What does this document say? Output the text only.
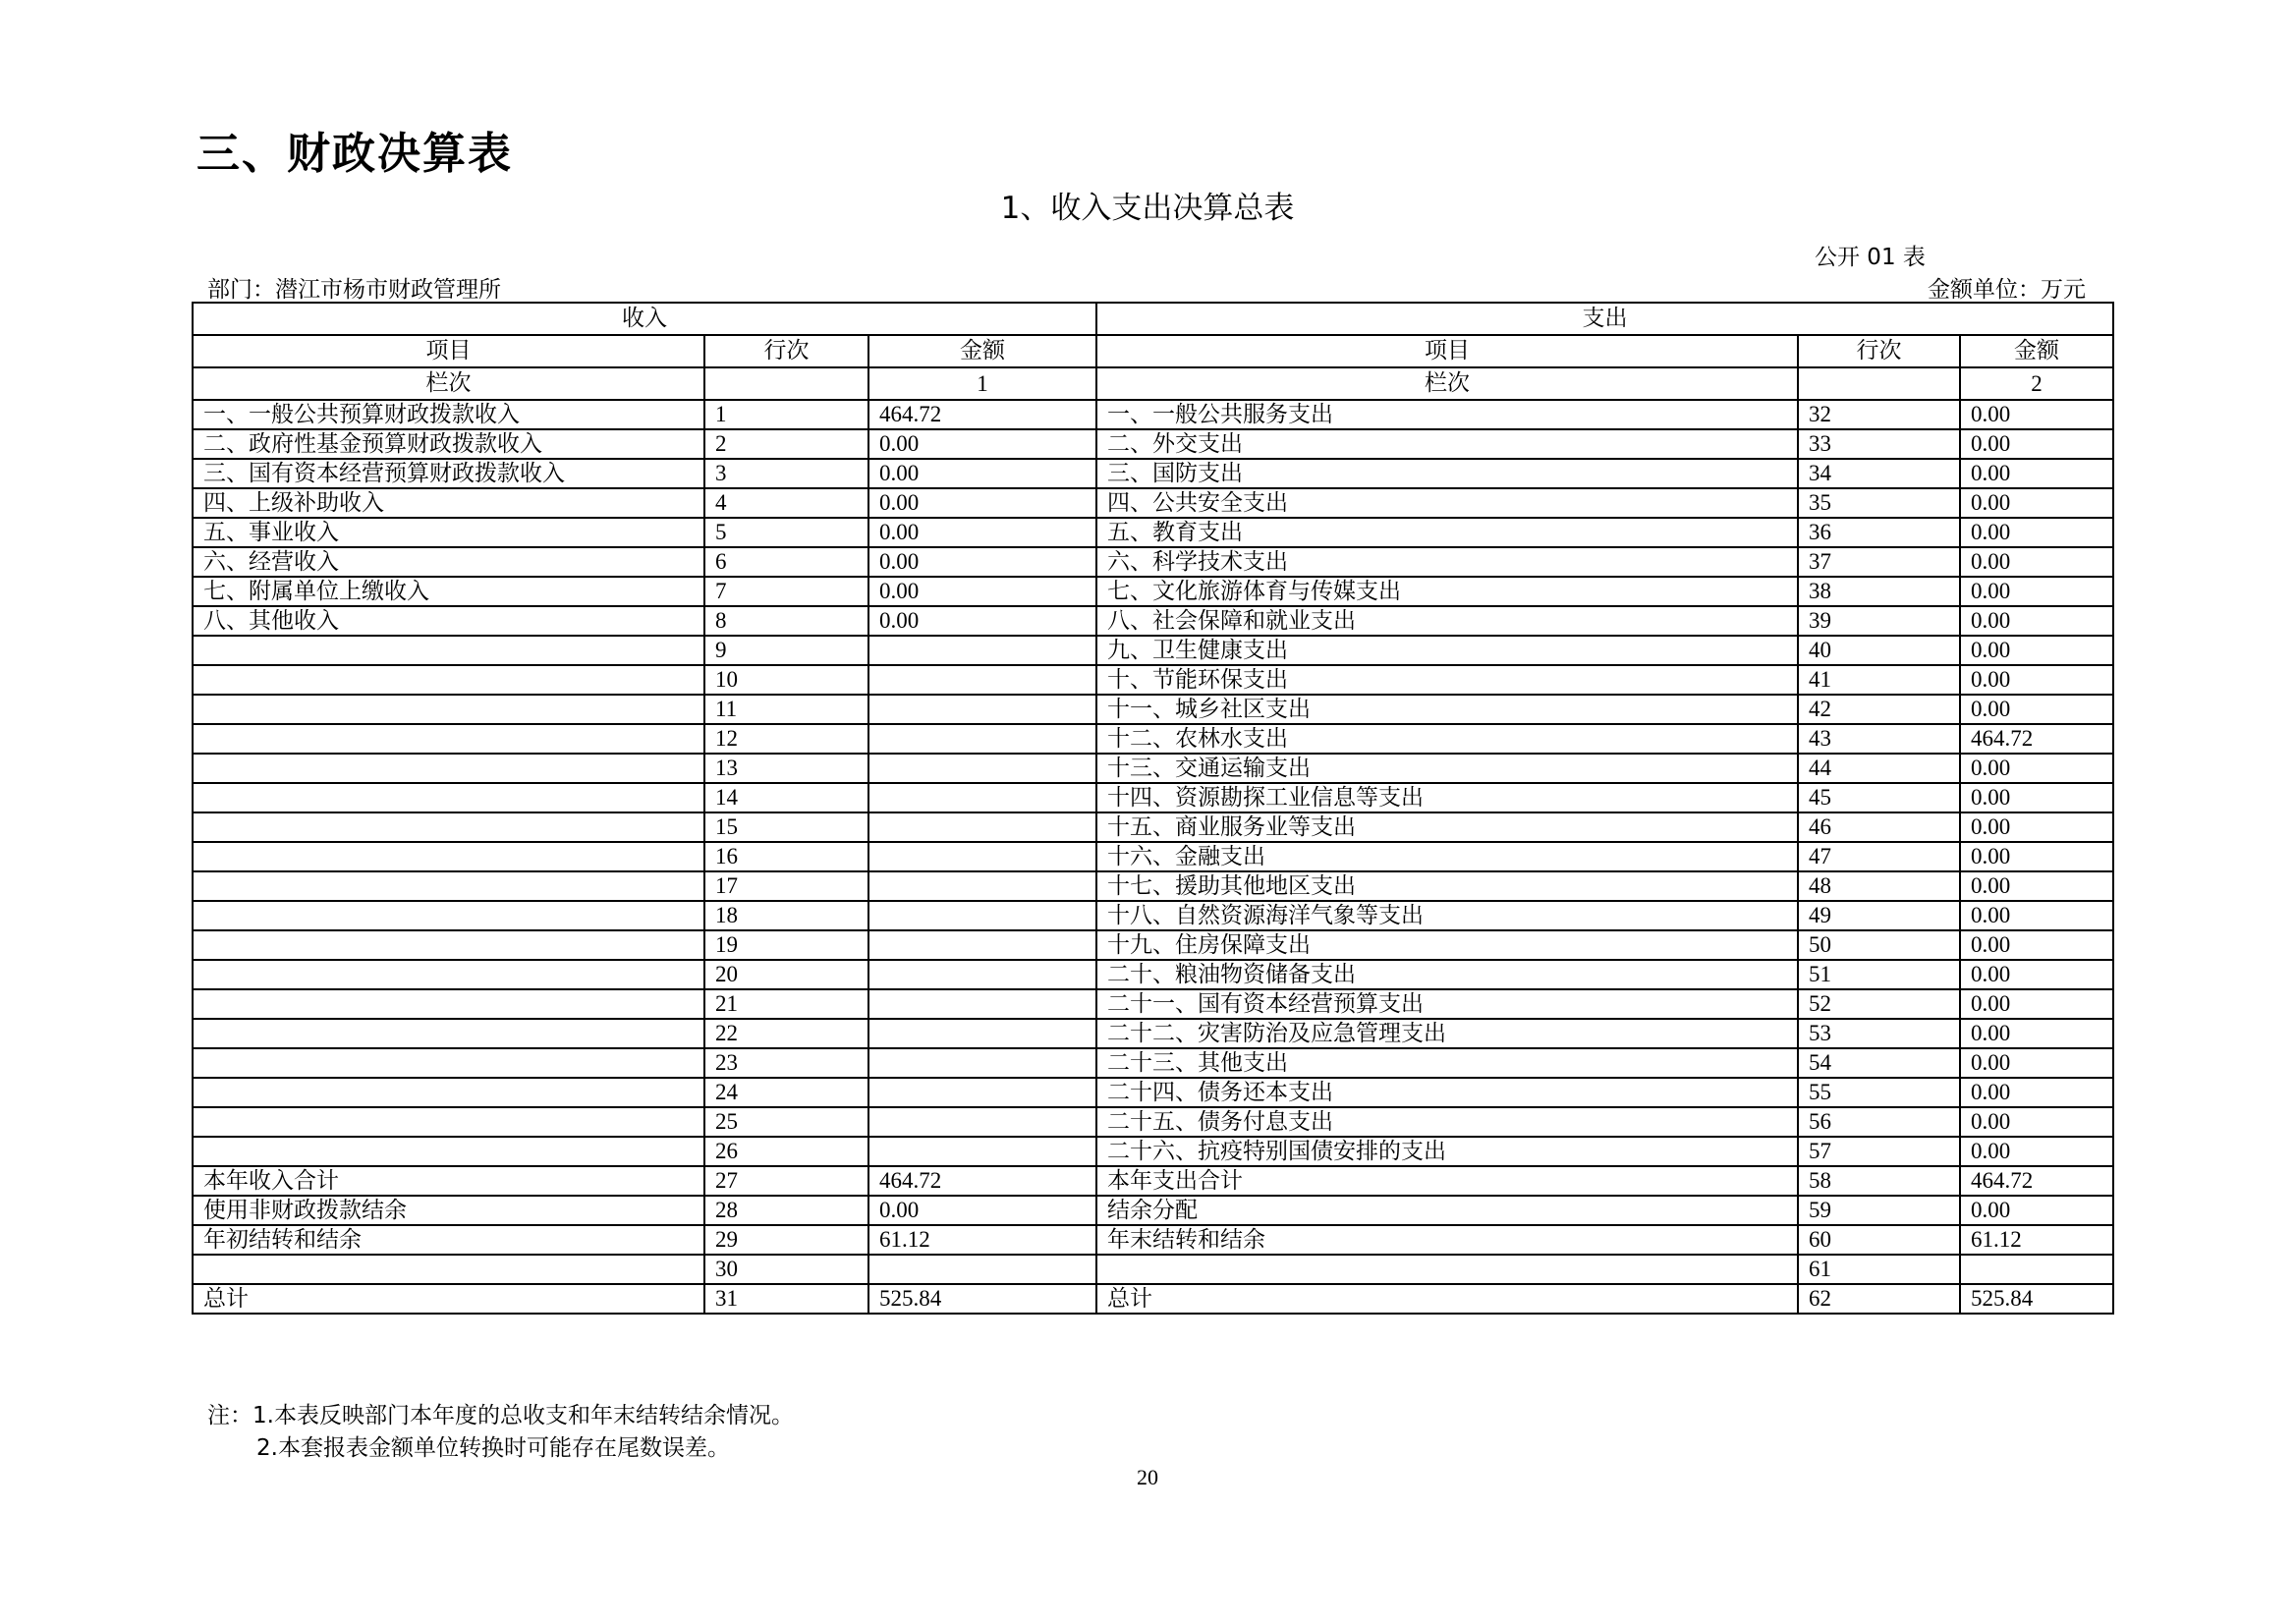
三、财政决算表
1、收入支出决算总表
公开 01 表
部门：潜江市杨市财政管理所	金额单位：万元
收入			支出		
项目	行次	金额	项目	行次	金额
栏次		1	栏次		2
一、一般公共预算财政拨款收入	1	464.72	一、一般公共服务支出	32	0.00
二、政府性基金预算财政拨款收入	2	0.00	二、外交支出	33	0.00
三、国有资本经营预算财政拨款收入	3	0.00	三、国防支出	34	0.00
四、上级补助收入	4	0.00	四、公共安全支出	35	0.00
五、事业收入	5	0.00	五、教育支出	36	0.00
六、经营收入	6	0.00	六、科学技术支出	37	0.00
七、附属单位上缴收入	7	0.00	七、文化旅游体育与传媒支出	38	0.00
八、其他收入	8	0.00	八、社会保障和就业支出	39	0.00
	9		九、卫生健康支出	40	0.00
	10		十、节能环保支出	41	0.00
	11		十一、城乡社区支出	42	0.00
	12		十二、农林水支出	43	464.72
	13		十三、交通运输支出	44	0.00
	14		十四、资源勘探工业信息等支出	45	0.00
	15		十五、商业服务业等支出	46	0.00
	16		十六、金融支出	47	0.00
	17		十七、援助其他地区支出	48	0.00
	18		十八、自然资源海洋气象等支出	49	0.00
	19		十九、住房保障支出	50	0.00
	20		二十、粮油物资储备支出	51	0.00
	21		二十一、国有资本经营预算支出	52	0.00
	22		二十二、灾害防治及应急管理支出	53	0.00
	23		二十三、其他支出	54	0.00
	24		二十四、债务还本支出	55	0.00
	25		二十五、债务付息支出	56	0.00
	26		二十六、抗疫特别国债安排的支出	57	0.00
本年收入合计	27	464.72	本年支出合计	58	464.72
使用非财政拨款结余	28	0.00	结余分配	59	0.00
年初结转和结余	29	61.12	年末结转和结余	60	61.12
	30			61	
总计	31	525.84	总计	62	525.84
注：1.本表反映部门本年度的总收支和年末结转结余情况。
2.本套报表金额单位转换时可能存在尾数误差。
20
